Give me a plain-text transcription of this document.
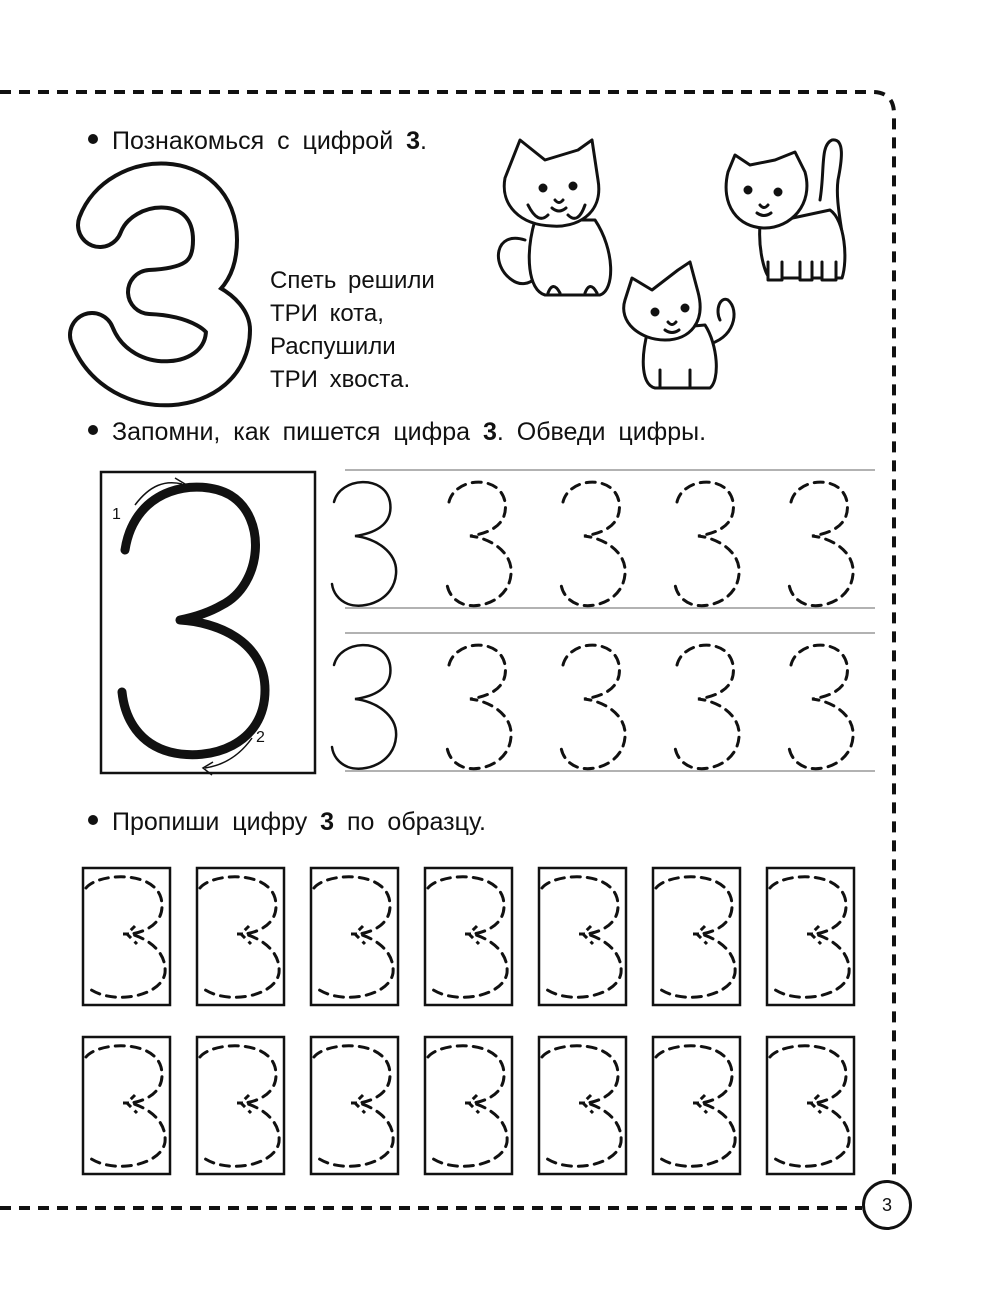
Познакомься с цифрой 3.
Спеть решили
ТРИ кота,
Распушили
ТРИ хвоста.
Запомни, как пишется цифра 3. Обведи цифры.
1
2
Пропиши цифру 3 по образцу.
3
